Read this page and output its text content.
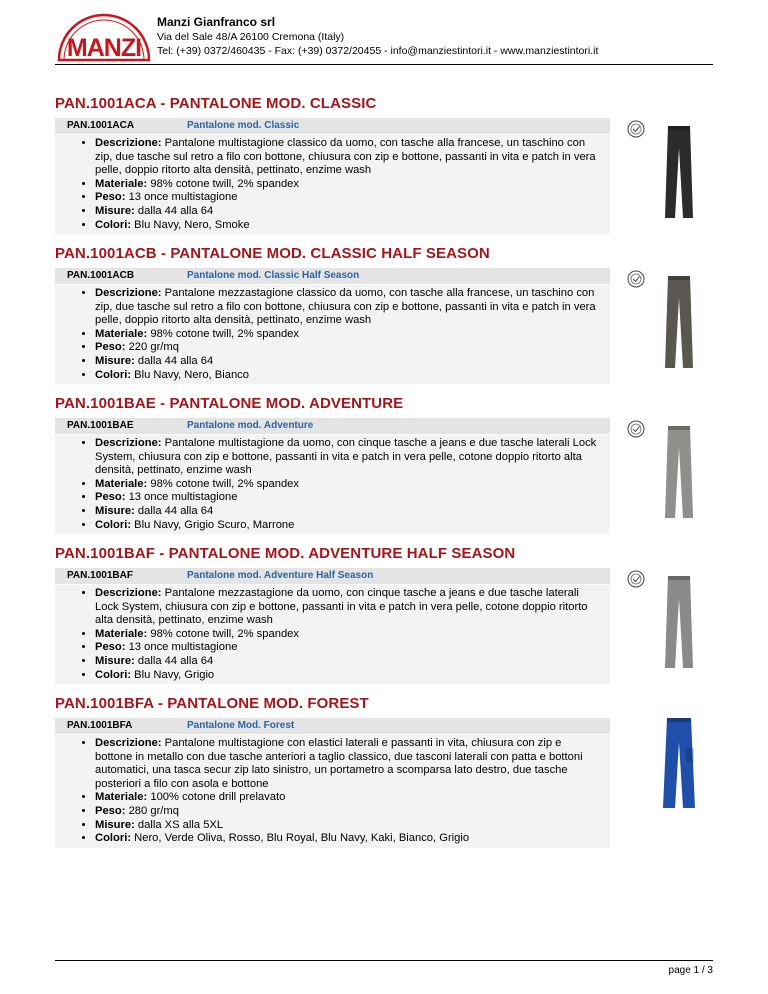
MANZI
Manzi Gianfranco srl
Via del Sale 48/A 26100 Cremona (Italy)
Tel: (+39) 0372/460435 - Fax: (+39) 0372/20455 - info@manziestintori.it - www.manziestintori.it
PAN.1001ACA - PANTALONE MOD. CLASSIC
PAN.1001ACA	Pantalone mod. Classic
• Descrizione: Pantalone multistagione classico da uomo, con tasche alla francese, un taschino con zip, due tasche sul retro a filo con bottone, chiusura con zip e bottone, passanti in vita e patch in vera pelle, doppio ritorto alta densità, pettinato, enzime wash
• Materiale: 98% cotone twill, 2% spandex
• Peso: 13 once multistagione
• Misure: dalla 44 alla 64
• Colori: Blu Navy, Nero, Smoke
PAN.1001ACB - PANTALONE MOD. CLASSIC HALF SEASON
PAN.1001ACB	Pantalone mod. Classic Half Season
• Descrizione: Pantalone mezzastagione classico da uomo, con tasche alla francese, un taschino con zip, due tasche sul retro a filo con bottone, chiusura con zip e bottone, passanti in vita e patch in vera pelle, doppio ritorto alta densità, pettinato, enzime wash
• Materiale: 98% cotone twill, 2% spandex
• Peso: 220 gr/mq
• Misure: dalla 44 alla 64
• Colori: Blu Navy, Nero, Bianco
PAN.1001BAE - PANTALONE MOD. ADVENTURE
PAN.1001BAE	Pantalone mod. Adventure
• Descrizione: Pantalone multistagione da uomo, con cinque tasche a jeans e due tasche laterali Lock System, chiusura con zip e bottone, passanti in vita e patch in vera pelle, cotone doppio ritorto alta densità, pettinato, enzime wash
• Materiale: 98% cotone twill, 2% spandex
• Peso: 13 once multistagione
• Misure: dalla 44 alla 64
• Colori: Blu Navy, Grigio Scuro, Marrone
PAN.1001BAF - PANTALONE MOD. ADVENTURE HALF SEASON
PAN.1001BAF	Pantalone mod. Adventure Half Season
• Descrizione: Pantalone mezzastagione da uomo, con cinque tasche a jeans e due tasche laterali Lock System, chiusura con zip e bottone, passanti in vita e patch in vera pelle, cotone doppio ritorto alta densità, pettinato, enzime wash
• Materiale: 98% cotone twill, 2% spandex
• Peso: 13 once multistagione
• Misure: dalla 44 alla 64
• Colori: Blu Navy, Grigio
PAN.1001BFA - PANTALONE MOD. FOREST
PAN.1001BFA	Pantalone Mod. Forest
• Descrizione: Pantalone multistagione con elastici laterali e passanti in vita, chiusura con zip e bottone in metallo con due tasche anteriori a taglio classico, due tasconi laterali con patta e bottoni automatici, una tasca secur zip lato sinistro, un portametro a scomparsa lato destro, due tasche posteriori a filo con asola e bottone
• Materiale: 100% cotone drill prelavato
• Peso: 280 gr/mq
• Misure: dalla XS alla 5XL
• Colori: Nero, Verde Oliva, Rosso, Blu Royal, Blu Navy, Kaki, Bianco, Grigio
page 1 / 3
